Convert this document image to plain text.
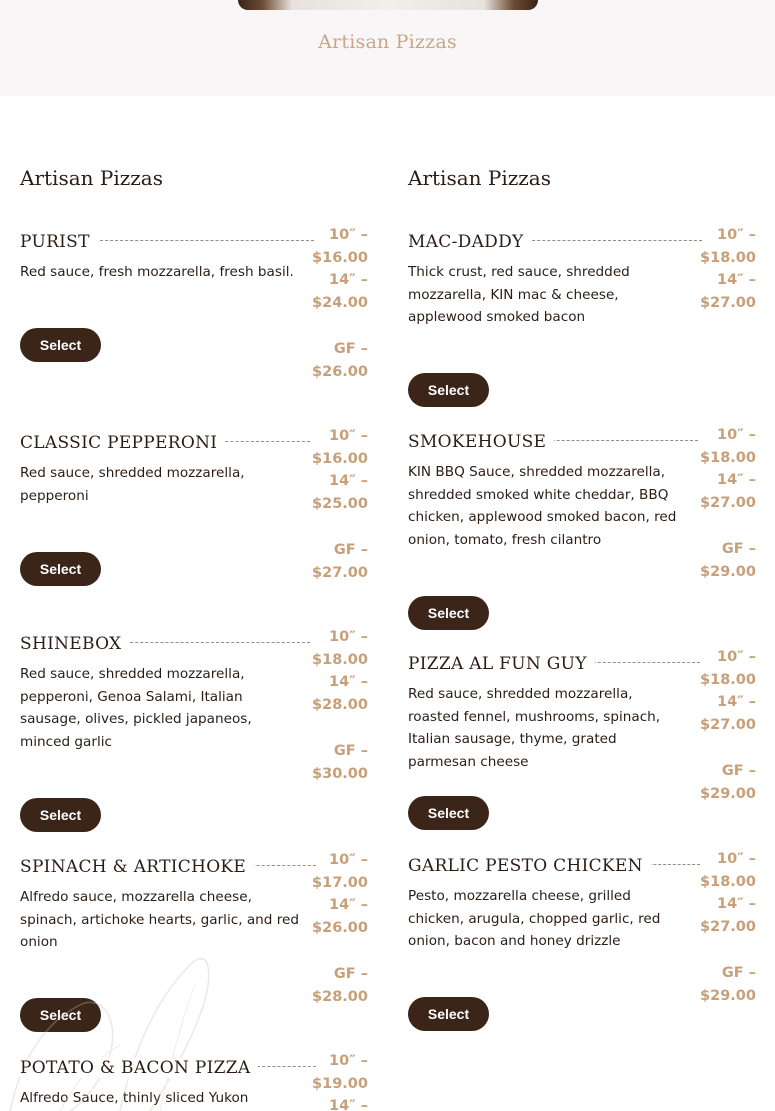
Artisan Pizzas
Artisan Pizzas
PURIST
Red sauce, fresh mozzarella, fresh basil.
10″ – $16.00
14″ – $24.00
GF – $26.00
Select
CLASSIC PEPPERONI
Red sauce, shredded mozzarella, pepperoni
10″ – $16.00
14″ – $25.00
GF – $27.00
Select
SHINEBOX
Red sauce, shredded mozzarella, pepperoni, Genoa Salami, Italian sausage, olives, pickled japaneos, minced garlic
10″ – $18.00
14″ – $28.00
GF – $30.00
Select
SPINACH & ARTICHOKE
Alfredo sauce, mozzarella cheese, spinach, artichoke hearts, garlic, and red onion
10″ – $17.00
14″ – $26.00
GF – $28.00
Select
POTATO & BACON PIZZA
Alfredo Sauce, thinly sliced Yukon
10″ – $19.00
14″ –
Artisan Pizzas
MAC-DADDY
Thick crust, red sauce, shredded mozzarella, KIN mac & cheese, applewood smoked bacon
10″ – $18.00
14″ – $27.00
Select
SMOKEHOUSE
KIN BBQ Sauce, shredded mozzarella, shredded smoked white cheddar, BBQ chicken, applewood smoked bacon, red onion, tomato, fresh cilantro
10″ – $18.00
14″ – $27.00
GF – $29.00
Select
PIZZA AL FUN GUY
Red sauce, shredded mozzarella, roasted fennel, mushrooms, spinach, Italian sausage, thyme, grated parmesan cheese
10″ – $18.00
14″ – $27.00
GF – $29.00
Select
GARLIC PESTO CHICKEN
Pesto, mozzarella cheese, grilled chicken, arugula, chopped garlic, red onion, bacon and honey drizzle
10″ – $18.00
14″ – $27.00
GF – $29.00
Select
